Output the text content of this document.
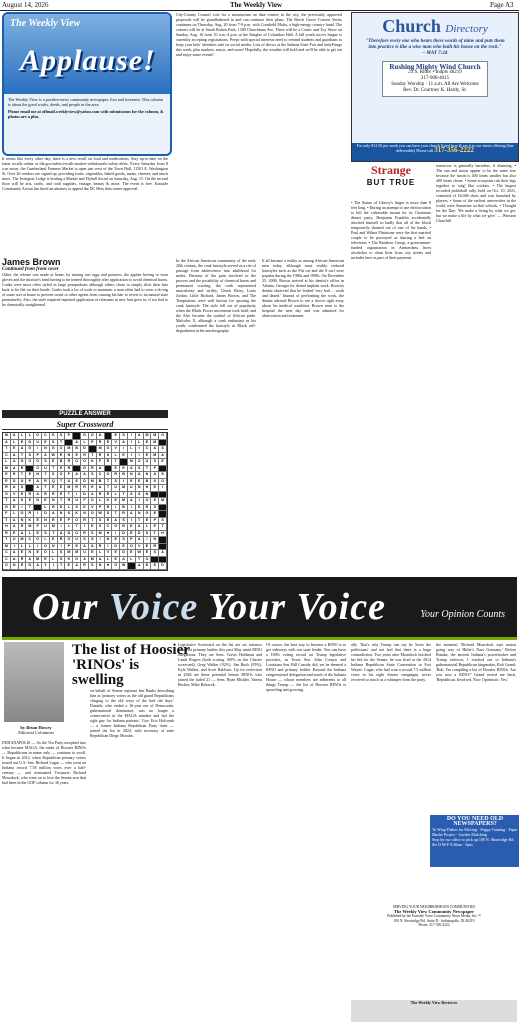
August 14, 2026	The Weekly View	Page A3
The Weekly View
Applause!

The Weekly View is a positive-news community newspaper, first and foremost. This column is about the good works, deeds, and people in the area.

Please email me at offmail.weeklyview@yahoo.com with submissions for the column, & photos are a plus.

It seems like every other day, there is a new recall on food and medications. Stay up-to-date on the latest recalls online at fda.gov/safety/recalls-market-withdrawals-safety-alerts. Every Saturday from 8 a.m.-noon, the Cumberland Farmers Market is open just west of the Town Hall, 11501 E. Washington St. Over 20 vendors are signed up, providing fruits, vegetables, baked goods, meats, cheeses, and much more. The Irvington Lodge is hosting a Market and Flyball Social on Saturday, Aug. 15. On the second floor will be arts, crafts, and craft supplies, vintage, beauty & more. The event is free. Eastside Community Action has hired an attorney to appeal the DC Hess data center approval.
City-County Council vote for a moratorium on data centers in the city, the previously approved proposals will be grandfathered in and can continue their plans. The Beech Grove Concert Series continues on Thursday, Aug. 20 from 7-9 p.m. with Cornfield Mafia, a high-energy country band. The concert will be at Sarah Bolton Park, 1300 Churchman Ave. There will be a Comic and Toy Show on Sunday, Aug. 16 from 10 a.m.-4 p.m. at the Knights of Columbus Hall. A fall youth soccer league is currently accepting registrations. Peeps with special interests need to remind students and guardians to keep your kids' identities safe on social media. Lots of shows at the Indiana State Fair and IndyFringe this week, plus markets, music, and more! Hopefully, the weather will hold and we'll be able to get out and enjoy some events!
James Brown
Continued from front cover
Other, the release was made at home, by mixing raw eggs and potatoes, the applier having to wear gloves and the mixture's head having to be treated thoroughly after application to avoid chemical burns. Conks were most often styled as large pompadours although others chose to simply slick their hair back to lie flat on their heads. Conks took a lot of work to maintain: a man often had to wear a do-rag of some sort at home to prevent sweat or other agents from causing his hair to revert to its natural state prematurely. Also, the style required repeated application of relaxants as new hair grew in, if too bad to be chemically straightened.
In the African American community of the early 20th century, the conk hairstyle served as a rite of passage from adolescence into adulthood for males. Because of the pain involved in the process and the possibility of chemical burns and permanent scarring, the conk represented masculinity and virility. Chuck Berry, Louis Jordan, Little Richard, James Brown, and The Temptations were well known for sporting the conk hairstyle. The style fell out of popularity when the Black Power movement took hold; and the Afro became the symbol of African pride. Malcolm X, although a conk enthusiast in his youth, condemned the hairstyle as Black self-degradation in his autobiography.
It all became a reality as among African-American men today, although most visibly reduced hairstyles such as the Pitt cut and the S-curl were popular during the 1980s and 1990s. On December 25, 2006, Brown arrived at his dentist's office in Atlanta, Georgia for dental implant work. Brown's dentist observed that he looked 'very bad ... weak and dazed.' Instead of performing the work, the dentist advised Brown to see a doctor right away about his medical condition. Brown went to the hospital the next day and was admitted for observation and treatment.
• The Statue of Liberty's finger is more than 8 feet long. • During an attempt to use electrocution to kill the vulnerable mount for its Christmas dinner party, Benjamin Franklin accidentally shocked himself so badly that all of the blood temporarily drained out of one of his hands. • Paul and Wilma Flintstone were the first married couple to be portrayed as sharing a bed on television. • The Rainbow Group, a government-funded organization in Amsterdam, hires alcoholics to clean litter from city streets and includes beer as part of their payment.
tomorrow is generally harmless, if alarming. • The sun and moon appear to be the same size because the moon is 400 times smaller but also 400 times closer. • Some scorpions rub their legs together to 'sing' like crickets. • The largest recorded pickleball rally, held on Oct. 10, 2021, consisted of 16,046 shots and was launched by players. • Some of the earliest universities in the world were Sumerian scribal schools. • Thought for the Day: 'We make a living by what we get, but we make a life by what we give.' — Winston Churchill
PUZZLE ANSWER
Super Crossword
M	A	L	L	O	C	K	S	P	G	O	A	E	S	I	A	M	M	O
A	L	E	D	U	E	S	T	A	L	P	R	E	V	A	I	L	E	M
T	E	A	G	I	N	G	O	M	B	D	M	O	V	I	L	I	C	A	S
C	A	T	S	P	A	W	E	N	E	R	T	R	S	L	E	I	I	E	M	A
L	A	G	O	O	S	E	B	R	O	O	K	F	R	T	M	O	U	S	E
M	A	R	O	U	T	E	R	G	R	A	E	E	A	S	T	P
E	R	T	E	N	T	S	O	F	A	A	S	C	O	R	B	N	A	N	A	S
E	D	U	P	A	R	Q	T	U	E	D	M	B	T	S	I	E	E	B	S	O
R	A	S	A	T	E	E	M	R	R	E	A	T	U	M	U	N	H	E	I
O	V	E	R	A	R	R	E	T	I	D	A	R	E	L	T	S	S	N
T	A	K	E	N	E	N	T	R	U	F	O	L	K	E	M	A	I	O	E	M
G	R	I	T	L	R	D	L	S	E	V	P	R	I	B	I	E	R	S
F	L	O	R	I	D	A	N	S	K	N	O	W	S	T	R	A	N	G	E
T	A	N	K	E	N	R	E	P	O	R	T	S	E	A	S	I	T	E	P	S
H	A	R	M	P	U	M	I	L	T	I	E	S	C	O	R	E	A	L	E	T
R	E	A	L	E	S	T	A	D	O	R	S	M	H	I	D	E	D	S	T	H
T	O	M	C	O	L	E	R	O	U	S	S	I	N	E	S	P	A	I	N
M	I	L	L	I	O	N	I	P	E	A	A	R	I	D	E	O	V	E	R
C	A	E	N	E	O	L	S	M	M	U	E	L	V	E	D	E	W	E	S	A
C	A	R	A	M	E	L	S	K	O	A	M	A	L	E	A	L	T	O
O	N	E	D	A	Y	I	T	E	A	R	S	N	H	O	W	A	E	E	D
Church Directory
"Therefore every one who hears these words of mine and puts them into practice is like a wise man who built his house on the rock."
– MAT 7:24
Rushing Mighty Wind Church
23 S. Ritter • Indpls 46219
317-908-4015
Sunday Worship · 11 a.m. All Are Welcome
Rev. Dr. Courtney K. Hardy, Sr.
For only $12.50 per week you can have your church listed here & see it in our entire offering (bus deliverable) Please call 317-356-2222
Strange
BUT TRUE
Our Voice Your Voice	Your Opinion Counts
by Brian Howey
Editorial Columnist
The list of Hoosier 'RINOs' is swelling
INDIANAPOLIS — As the Tea Party morphed into what became MAGA, the ranks of Hoosier RINOs — Republicans in name only — continue to swell. It began in 2012, when Republican primary voters tossed out U.S. Sen. Richard Lugar — who went on Indiana record 7.58 million votes over a half-century — and nominated Treasurer Richard Mourdock, who went on to lose the Senate seat that had been in the GOP column for 36 years.
on behalf of Senate aspirant Jim Banks describing him as 'primary voters as the old guard Republicans clinging to the old ways of the bad old days.' Daniels, who ended a 16-year era of Democratic gubernatorial dominance, was no longer a conservative in the MAGA mindset and 'not the right guy for Indiana patients.' Gov. Eric Holcomb — a former Indiana Republican Party chair — joined the list in 2024, with secretary of state Republican Diego Morales.
Legislative Scorecard on the list are six senators who lost primary battles this past May amid RINO allegations. They are Sens. Travis Holdman and Linda Rogers (both scoring 100% on the Charter scorecard), Greg Walker (92%), Jim Buck (95%), Kyle Walker, and Scott Baldwin. Up for reelection in 2026 are these potential Senate RINOs who joined the failed 21 — Sens. Ryan Mishler, Vaneta Becker, Mike Bohacek.
Of course, the best way to become a RINO is to get sideways with our state leader. You can have a 100% voting record on Trump legislative priorities, as Texas Sen. John Cornyn and Louisiana Sen. Bill Cassidy did, yet be deemed a RINO and primary fodder. Beyond the Indiana congressional delegation and much of the Indiana House — whose members are adherents to all things Trump — the list of Hoosier RINOs is sprawling and growing.
ally. That's why Trump can say he 'loves the politicians' and not feel that there is a huge contradiction. Two years after Mourdock botched his bid for the Senate, he was fired at the 2014 Indiana Republican State Convention in Fort Wayne. Lugar, who had won a record 7.5 million votes in his eight Senate campaigns, never received so much as a whimper from the party.
the moment: 'Richard Mourdock says nation going way of Hitler's Nazi Germany.' Before Rumke, the ancient Indiana's powerbroker and Trump enforcer, I reached out to Indiana's gubernatorial Republican kingmaker, Bob Grand: 'Bob, I'm compiling a list of Hoosier RINOs. Are you now a RINO?' Grand texted me back, 'Republican. Involved. Now Optimistic. Yes.'
DO YOU NEED OLD NEWSPAPERS?
To Wrap Dishes for Moving · Puppy Training · Paper Mache Project · Garden Mulching
Stop by our office to pick up 100 N. Shortridge Rd. Ste D M-F 9:30am - 6pm
SERVING YOUR NEIGHBORHOOD COMMUNITIES
The Weekly View Community Newspaper
Published by the Eastside Voice Community News Media, Inc.™
100 N. Shortridge Rd., Suite D · Indianapolis, IN 46219
Phone: 317-356-2222
The Weekly View Reviewer
